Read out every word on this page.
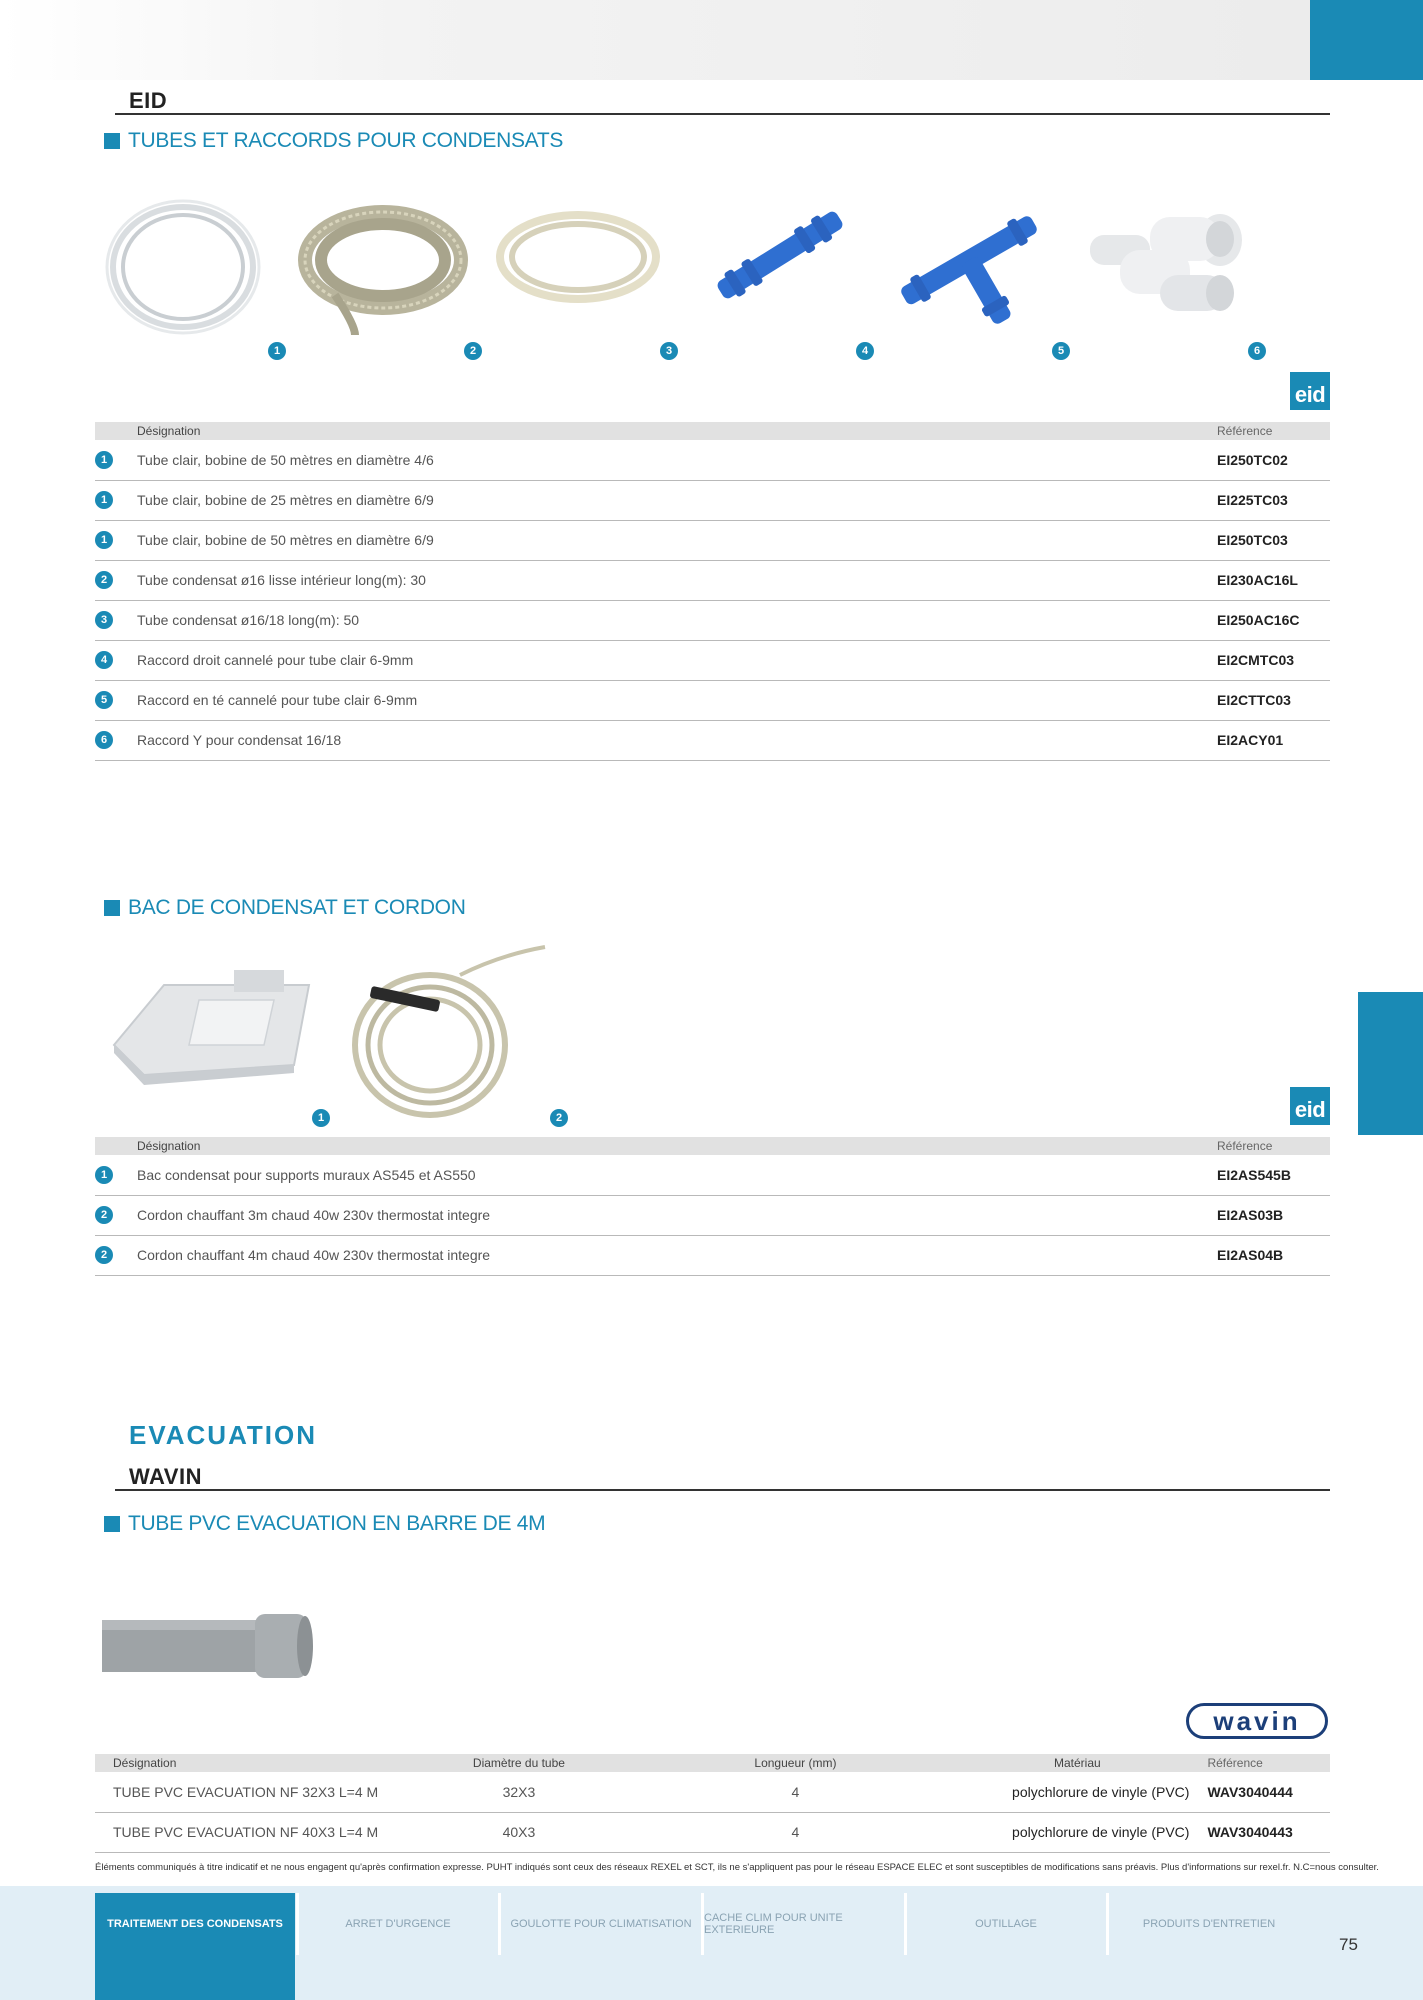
EID
TUBES ET RACCORDS POUR CONDENSATS
1	2	3	4	5	6
eid
	Désignation	Référence

1	Tube clair, bobine de 50 mètres en diamètre 4/6	EI250TC02

1	Tube clair, bobine de 25 mètres en diamètre 6/9	EI225TC03

1	Tube clair, bobine de 50 mètres en diamètre 6/9	EI250TC03

2	Tube condensat ø16 lisse intérieur long(m): 30	EI230AC16L

3	Tube condensat ø16/18 long(m): 50	EI250AC16C

4	Raccord droit cannelé pour tube clair 6-9mm	EI2CMTC03

5	Raccord en té cannelé pour tube clair 6-9mm	EI2CTTC03

6	Raccord Y pour condensat 16/18	EI2ACY01
BAC DE CONDENSAT ET CORDON
1	2	eid
	Désignation	Référence

1	Bac condensat pour supports muraux AS545 et AS550	EI2AS545B

2	Cordon chauffant 3m chaud 40w 230v thermostat integre	EI2AS03B

2	Cordon chauffant 4m chaud 40w 230v thermostat integre	EI2AS04B
EVACUATION
WAVIN
TUBE PVC EVACUATION EN BARRE DE 4M
wavin
Désignation	Diamètre du tube	Longueur (mm)	Matériau	Référence
TUBE PVC EVACUATION NF 32X3 L=4 M	32X3	4	polychlorure de vinyle (PVC)	WAV3040444
TUBE PVC EVACUATION NF 40X3 L=4 M	40X3	4	polychlorure de vinyle (PVC)	WAV3040443
Éléments communiqués à titre indicatif et ne nous engagent qu'après confirmation expresse. PUHT indiqués sont ceux des réseaux REXEL et SCT, ils ne s'appliquent pas pour le réseau ESPACE ELEC et sont susceptibles de modifications sans préavis. Plus d'informations sur rexel.fr. N.C=nous consulter.
TRAITEMENT DES CONDENSATS	ARRET D'URGENCE	GOULOTTE POUR CLIMATISATION	CACHE CLIM POUR UNITE EXTERIEURE	OUTILLAGE	PRODUITS D'ENTRETIEN
75
